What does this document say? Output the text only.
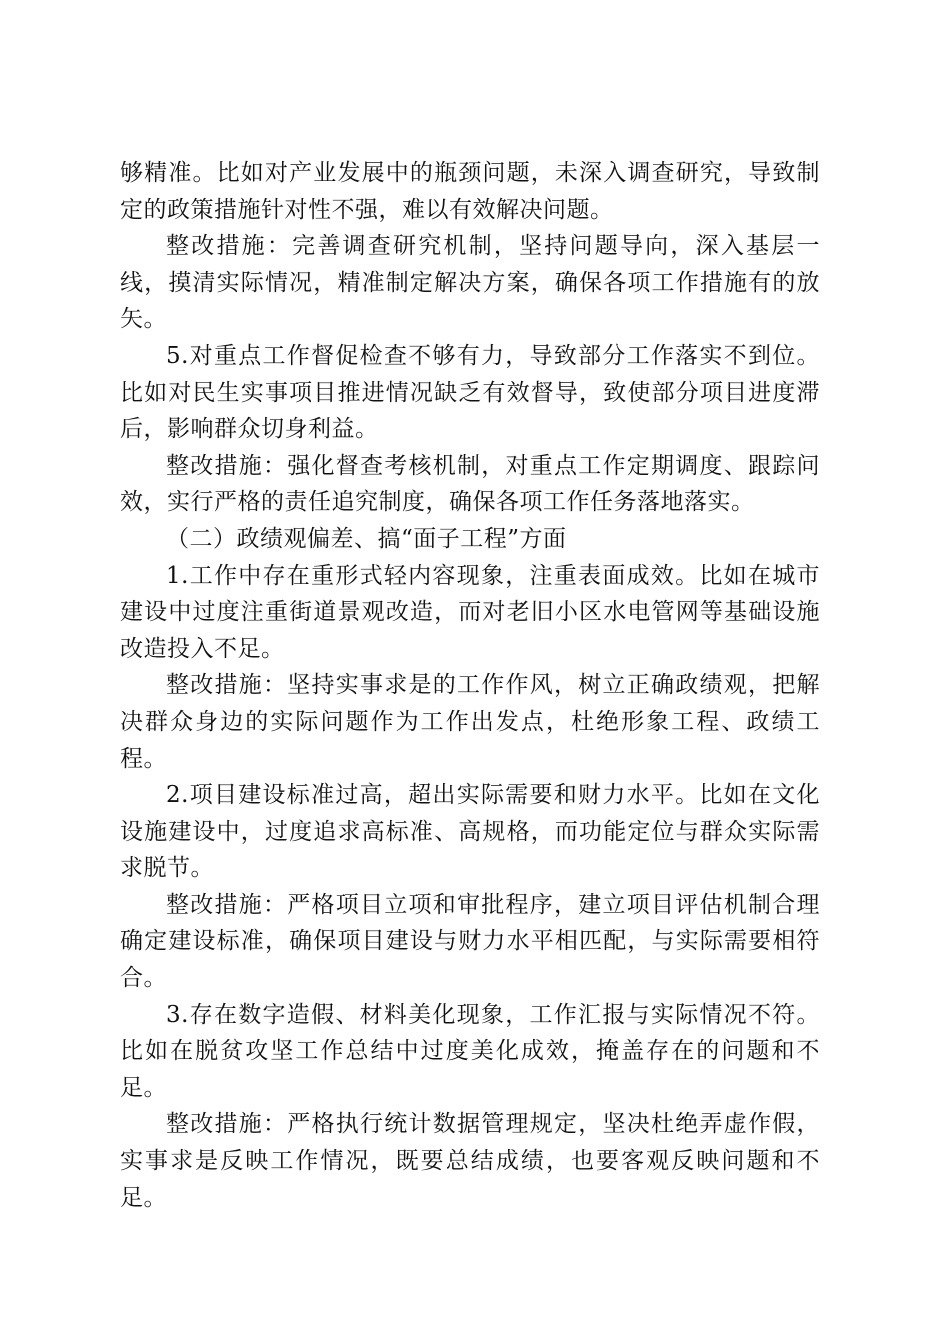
够精准。比如对产业发展中的瓶颈问题，未深入调查研究，导致制定的政策措施针对性不强，难以有效解决问题。

整改措施：完善调查研究机制，坚持问题导向，深入基层一线，摸清实际情况，精准制定解决方案，确保各项工作措施有的放矢。

5.对重点工作督促检查不够有力，导致部分工作落实不到位。比如对民生实事项目推进情况缺乏有效督导，致使部分项目进度滞后，影响群众切身利益。

整改措施：强化督查考核机制，对重点工作定期调度、跟踪问效，实行严格的责任追究制度，确保各项工作任务落地落实。

（二）政绩观偏差、搞“面子工程”方面

1.工作中存在重形式轻内容现象，注重表面成效。比如在城市建设中过度注重街道景观改造，而对老旧小区水电管网等基础设施改造投入不足。

整改措施：坚持实事求是的工作作风，树立正确政绩观，把解决群众身边的实际问题作为工作出发点，杜绝形象工程、政绩工程。

2.项目建设标准过高，超出实际需要和财力水平。比如在文化设施建设中，过度追求高标准、高规格，而功能定位与群众实际需求脱节。

整改措施：严格项目立项和审批程序，建立项目评估机制合理确定建设标准，确保项目建设与财力水平相匹配，与实际需要相符合。

3.存在数字造假、材料美化现象，工作汇报与实际情况不符。比如在脱贫攻坚工作总结中过度美化成效，掩盖存在的问题和不足。

整改措施：严格执行统计数据管理规定，坚决杜绝弄虚作假，实事求是反映工作情况，既要总结成绩，也要客观反映问题和不足。
